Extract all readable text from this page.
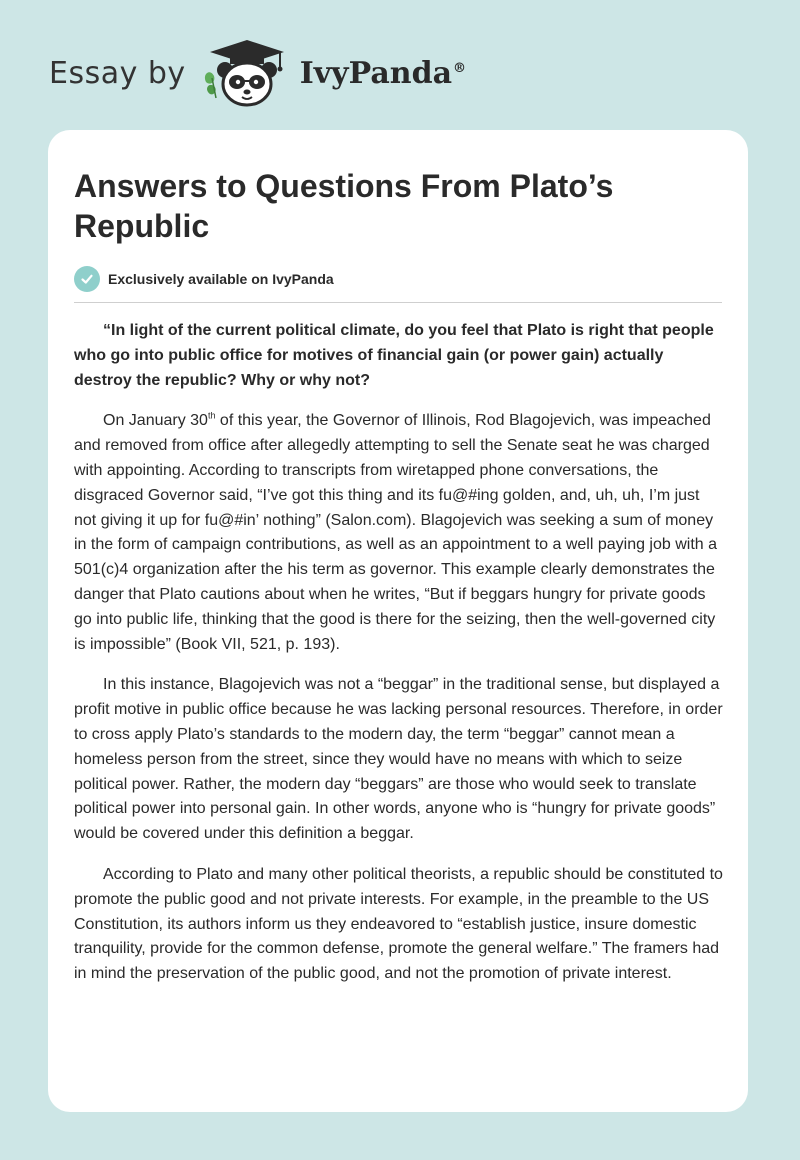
Essay by	IvyPanda®
Answers to Questions From Plato’s Republic
Exclusively available on IvyPanda

“In light of the current political climate, do you feel that Plato is right that people who go into public office for motives of financial gain (or power gain) actually destroy the republic? Why or why not?

On January 30th of this year, the Governor of Illinois, Rod Blagojevich, was impeached and removed from office after allegedly attempting to sell the Senate seat he was charged with appointing. According to transcripts from wiretapped phone conversations, the disgraced Governor said, “I’ve got this thing and its fu@#ing golden, and, uh, uh, I’m just not giving it up for fu@#in’ nothing” (Salon.com). Blagojevich was seeking a sum of money in the form of campaign contributions, as well as an appointment to a well paying job with a 501(c)4 organization after the his term as governor. This example clearly demonstrates the danger that Plato cautions about when he writes, “But if beggars hungry for private goods go into public life, thinking that the good is there for the seizing, then the well-governed city is impossible” (Book VII, 521, p. 193).

In this instance, Blagojevich was not a “beggar” in the traditional sense, but displayed a profit motive in public office because he was lacking personal resources. Therefore, in order to cross apply Plato’s standards to the modern day, the term “beggar” cannot mean a homeless person from the street, since they would have no means with which to seize political power. Rather, the modern day “beggars” are those who would seek to translate political power into personal gain. In other words, anyone who is “hungry for private goods” would be covered under this definition a beggar.

According to Plato and many other political theorists, a republic should be constituted to promote the public good and not private interests. For example, in the preamble to the US Constitution, its authors inform us they endeavored to “establish justice, insure domestic tranquility, provide for the common defense, promote the general welfare.” The framers had in mind the preservation of the public good, and not the promotion of private interest.
